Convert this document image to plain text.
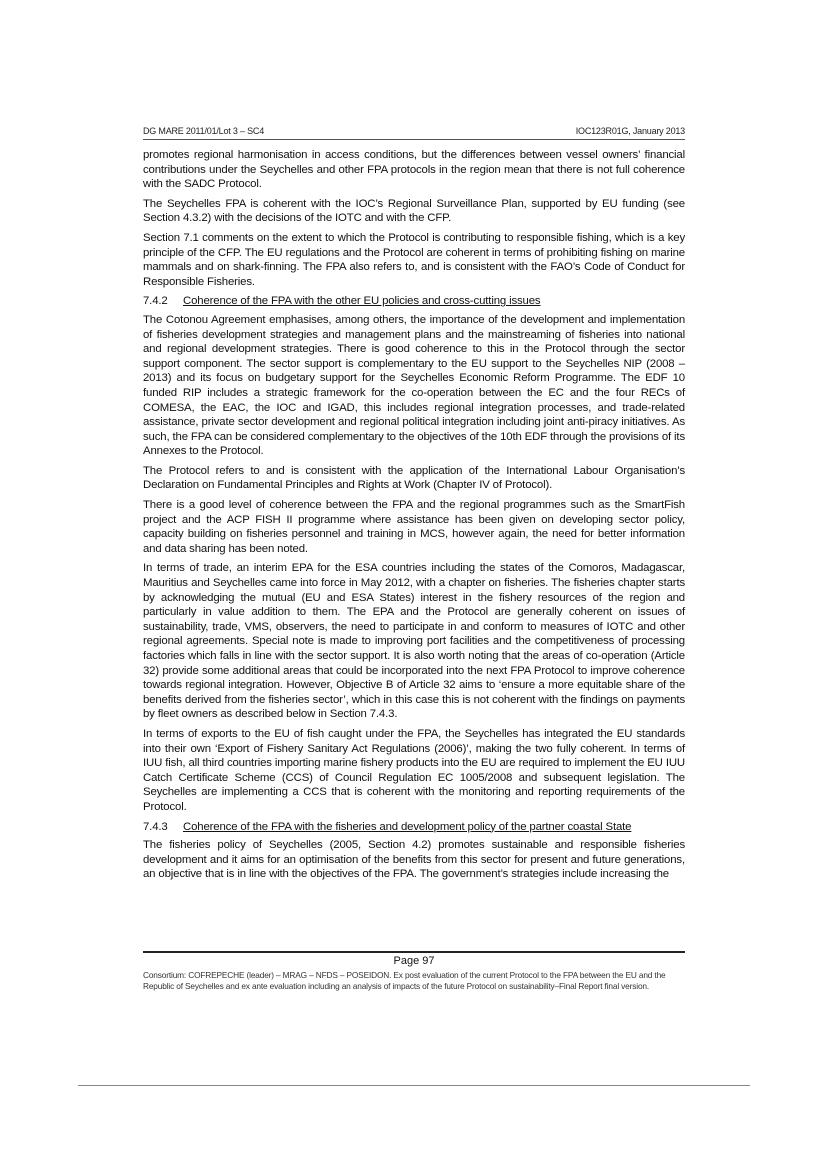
DG MARE 2011/01/Lot 3 – SC4	IOC123R01G, January 2013

promotes regional harmonisation in access conditions, but the differences between vessel owners’ financial contributions under the Seychelles and other FPA protocols in the region mean that there is not full coherence with the SADC Protocol.

The Seychelles FPA is coherent with the IOC’s Regional Surveillance Plan, supported by EU funding (see Section 4.3.2) with the decisions of the IOTC and with the CFP.

Section 7.1 comments on the extent to which the Protocol is contributing to responsible fishing, which is a key principle of the CFP. The EU regulations and the Protocol are coherent in terms of prohibiting fishing on marine mammals and on shark-finning. The FPA also refers to, and is consistent with the FAO’s Code of Conduct for Responsible Fisheries.

7.4.2	Coherence of the FPA with the other EU policies and cross-cutting issues

The Cotonou Agreement emphasises, among others, the importance of the development and implementation of fisheries development strategies and management plans and the mainstreaming of fisheries into national and regional development strategies. There is good coherence to this in the Protocol through the sector support component. The sector support is complementary to the EU support to the Seychelles NIP (2008 – 2013) and its focus on budgetary support for the Seychelles Economic Reform Programme. The EDF 10 funded RIP includes a strategic framework for the co-operation between the EC and the four RECs of COMESA, the EAC, the IOC and IGAD, this includes regional integration processes, and trade-related assistance, private sector development and regional political integration including joint anti-piracy initiatives. As such, the FPA can be considered complementary to the objectives of the 10th EDF through the provisions of its Annexes to the Protocol.

The Protocol refers to and is consistent with the application of the International Labour Organisation’s Declaration on Fundamental Principles and Rights at Work (Chapter IV of Protocol).

There is a good level of coherence between the FPA and the regional programmes such as the SmartFish project and the ACP FISH II programme where assistance has been given on developing sector policy, capacity building on fisheries personnel and training in MCS, however again, the need for better information and data sharing has been noted.

In terms of trade, an interim EPA for the ESA countries including the states of the Comoros, Madagascar, Mauritius and Seychelles came into force in May 2012, with a chapter on fisheries. The fisheries chapter starts by acknowledging the mutual (EU and ESA States) interest in the fishery resources of the region and particularly in value addition to them. The EPA and the Protocol are generally coherent on issues of sustainability, trade, VMS, observers, the need to participate in and conform to measures of IOTC and other regional agreements. Special note is made to improving port facilities and the competitiveness of processing factories which falls in line with the sector support. It is also worth noting that the areas of co-operation (Article 32) provide some additional areas that could be incorporated into the next FPA Protocol to improve coherence towards regional integration. However, Objective B of Article 32 aims to ‘ensure a more equitable share of the benefits derived from the fisheries sector’, which in this case this is not coherent with the findings on payments by fleet owners as described below in Section 7.4.3.

In terms of exports to the EU of fish caught under the FPA, the Seychelles has integrated the EU standards into their own ‘Export of Fishery Sanitary Act Regulations (2006)’, making the two fully coherent. In terms of IUU fish, all third countries importing marine fishery products into the EU are required to implement the EU IUU Catch Certificate Scheme (CCS) of Council Regulation EC 1005/2008 and subsequent legislation. The Seychelles are implementing a CCS that is coherent with the monitoring and reporting requirements of the Protocol.

7.4.3	Coherence of the FPA with the fisheries and development policy of the partner coastal State

The fisheries policy of Seychelles (2005, Section 4.2) promotes sustainable and responsible fisheries development and it aims for an optimisation of the benefits from this sector for present and future generations, an objective that is in line with the objectives of the FPA. The government’s strategies include increasing the

Page 97
Consortium: COFREPECHE (leader) – MRAG – NFDS – POSEIDON. Ex post evaluation of the current Protocol to the FPA between the EU and the Republic of Seychelles and ex ante evaluation including an analysis of impacts of the future Protocol on sustainability–Final Report final version.
